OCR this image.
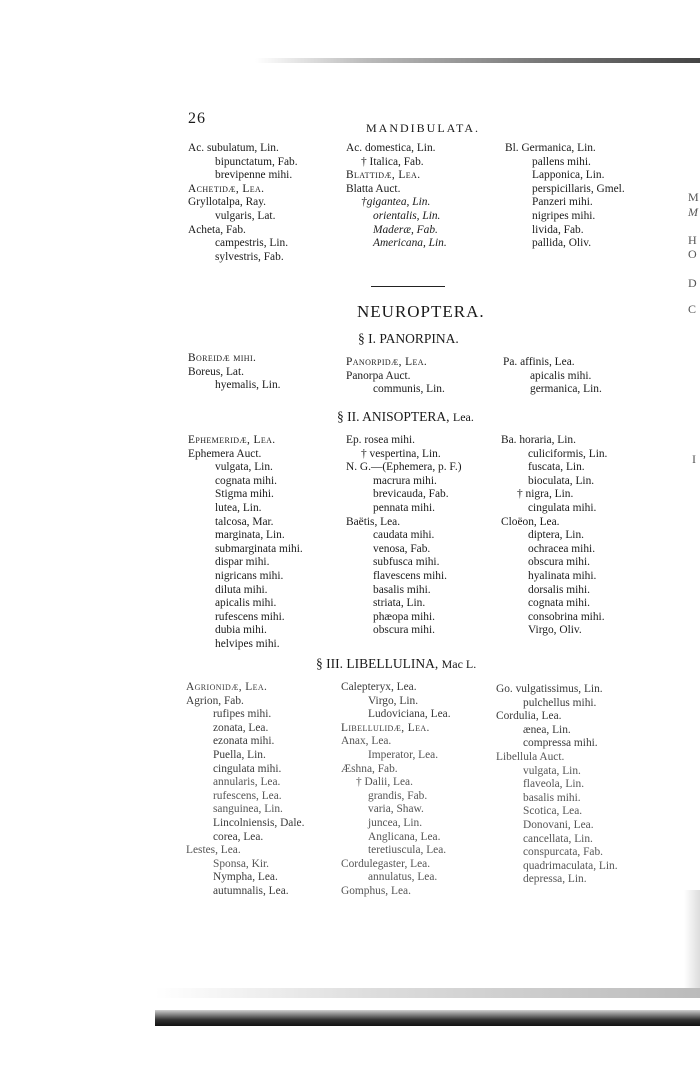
M
M
H
O
D
C
I
26
MANDIBULATA.
Ac. subulatum, Lin.
bipunctatum, Fab.
brevipenne mihi.
Achetidæ, Lea.
Gryllotalpa, Ray.
vulgaris, Lat.
Acheta, Fab.
campestris, Lin.
sylvestris, Fab.
Ac. domestica, Lin.
† Italica, Fab.
Blattidæ, Lea.
Blatta Auct.
†gigantea, Lin.
orientalis, Lin.
Maderæ, Fab.
Americana, Lin.
Bl. Germanica, Lin.
pallens mihi.
Lapponica, Lin.
perspicillaris, Gmel.
Panzeri mihi.
nigripes mihi.
livida, Fab.
pallida, Oliv.
NEUROPTERA.
§ I. PANORPINA.
Boreidæ mihi.
Boreus, Lat.
hyemalis, Lin.
Panorpidæ, Lea.
Panorpa Auct.
communis, Lin.
Pa. affinis, Lea.
apicalis mihi.
germanica, Lin.
§ II. ANISOPTERA, Lea.
Ephemeridæ, Lea.
Ephemera Auct.
vulgata, Lin.
cognata mihi.
Stigma mihi.
lutea, Lin.
talcosa, Mar.
marginata, Lin.
submarginata mihi.
dispar mihi.
nigricans mihi.
diluta mihi.
apicalis mihi.
rufescens mihi.
dubia mihi.
helvipes mihi.
Ep. rosea mihi.
† vespertina, Lin.
N. G.—(Ephemera, p. F.)
macrura mihi.
brevicauda, Fab.
pennata mihi.
Baëtis, Lea.
caudata mihi.
venosa, Fab.
subfusca mihi.
flavescens mihi.
basalis mihi.
striata, Lin.
phæopa mihi.
obscura mihi.
Ba. horaria, Lin.
culiciformis, Lin.
fuscata, Lin.
bioculata, Lin.
† nigra, Lin.
cingulata mihi.
Cloëon, Lea.
diptera, Lin.
ochracea mihi.
obscura mihi.
hyalinata mihi.
dorsalis mihi.
cognata mihi.
consobrina mihi.
Virgo, Oliv.
§ III. LIBELLULINA, Mac L.
Agrionidæ, Lea.
Agrion, Fab.
rufipes mihi.
zonata, Lea.
ezonata mihi.
Puella, Lin.
cingulata mihi.
annularis, Lea.
rufescens, Lea.
sanguinea, Lin.
Lincolniensis, Dale.
corea, Lea.
Lestes, Lea.
Sponsa, Kir.
Nympha, Lea.
autumnalis, Lea.
Calepteryx, Lea.
Virgo, Lin.
Ludoviciana, Lea.
Libellulidæ, Lea.
Anax, Lea.
Imperator, Lea.
Æshna, Fab.
† Dalii, Lea.
grandis, Fab.
varia, Shaw.
juncea, Lin.
Anglicana, Lea.
teretiuscula, Lea.
Cordulegaster, Lea.
annulatus, Lea.
Gomphus, Lea.
Go. vulgatissimus, Lin.
pulchellus mihi.
Cordulia, Lea.
ænea, Lin.
compressa mihi.
Libellula Auct.
vulgata, Lin.
flaveola, Lin.
basalis mihi.
Scotica, Lea.
Donovani, Lea.
cancellata, Lin.
conspurcata, Fab.
quadrimaculata, Lin.
depressa, Lin.
